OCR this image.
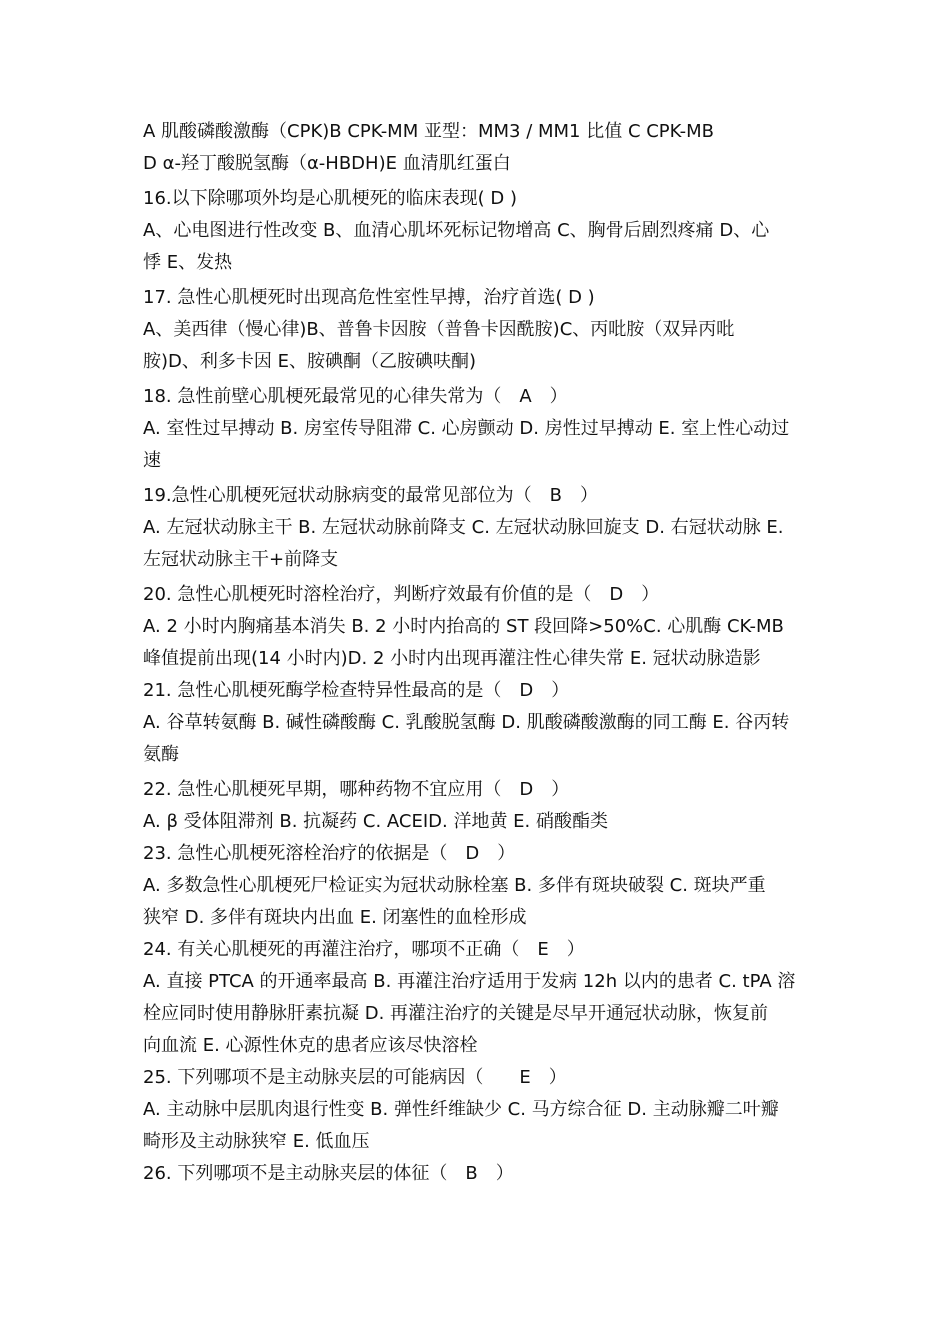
A 肌酸磷酸激酶（CPK)B CPK-MM 亚型：MM3 / MM1 比值 C CPK-MB
D α-羟丁酸脱氢酶（α-HBDH)E 血清肌红蛋白
16.以下除哪项外均是心肌梗死的临床表现( D )
A、心电图进行性改变 B、血清心肌坏死标记物增高 C、胸骨后剧烈疼痛 D、心
悸 E、发热
17. 急性心肌梗死时出现高危性室性早搏，治疗首选( D )
A、美西律（慢心律)B、普鲁卡因胺（普鲁卡因酰胺)C、丙吡胺（双异丙吡
胺)D、利多卡因 E、胺碘酮（乙胺碘呋酮)
18. 急性前壁心肌梗死最常见的心律失常为（　A　）
A. 室性过早搏动 B. 房室传导阻滞 C. 心房颤动 D. 房性过早搏动 E. 室上性心动过
速
19.急性心肌梗死冠状动脉病变的最常见部位为（　B　）
A. 左冠状动脉主干 B. 左冠状动脉前降支 C. 左冠状动脉回旋支 D. 右冠状动脉 E.
左冠状动脉主干+前降支
20. 急性心肌梗死时溶栓治疗，判断疗效最有价值的是（　D　）
A. 2 小时内胸痛基本消失 B. 2 小时内抬高的 ST 段回降>50%C. 心肌酶 CK-MB
峰值提前出现(14 小时内)D. 2 小时内出现再灌注性心律失常 E. 冠状动脉造影
21. 急性心肌梗死酶学检查特异性最高的是（　D　）
A. 谷草转氨酶 B. 碱性磷酸酶 C. 乳酸脱氢酶 D. 肌酸磷酸激酶的同工酶 E. 谷丙转
氨酶
22. 急性心肌梗死早期，哪种药物不宜应用（　D　）
A. β 受体阻滞剂 B. 抗凝药 C. ACEID. 洋地黄 E. 硝酸酯类
23. 急性心肌梗死溶栓治疗的依据是（　D　）
A. 多数急性心肌梗死尸检证实为冠状动脉栓塞 B. 多伴有斑块破裂 C. 斑块严重
狭窄 D. 多伴有斑块内出血 E. 闭塞性的血栓形成
24. 有关心肌梗死的再灌注治疗，哪项不正确（　E　）
A. 直接 PTCA 的开通率最高 B. 再灌注治疗适用于发病 12h 以内的患者 C. tPA 溶
栓应同时使用静脉肝素抗凝 D. 再灌注治疗的关键是尽早开通冠状动脉，恢复前
向血流 E. 心源性休克的患者应该尽快溶栓
25. 下列哪项不是主动脉夹层的可能病因（　　E　）
A. 主动脉中层肌肉退行性变 B. 弹性纤维缺少 C. 马方综合征 D. 主动脉瓣二叶瓣
畸形及主动脉狭窄 E. 低血压
26. 下列哪项不是主动脉夹层的体征（　B　）
